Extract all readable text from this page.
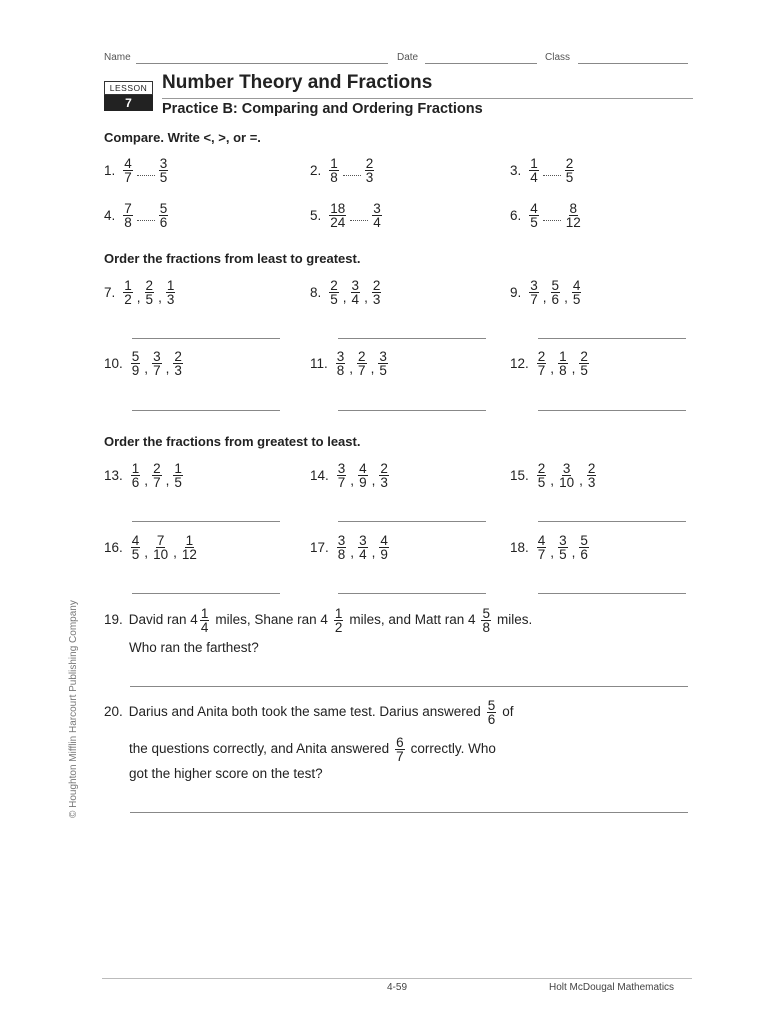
Name	Date	Class
LESSON
7
Number Theory and Fractions
Practice B: Comparing and Ordering Fractions
Compare. Write <, >, or =.
1. $\frac{4}{7} \frac{3}{5}$	2. $\frac{1}{8} \frac{2}{3}$	3. $\frac{1}{4} \frac{2}{5}$
4. $\frac{7}{8} \frac{5}{6}$	5. $\frac{18}{24} \frac{3}{4}$	6. $\frac{4}{5} \frac{8}{12}$
Order the fractions from least to greatest.
Order the fractions from greatest to least.
7. $\frac{1}{2}$ , $\frac{2}{5}$ , $\frac{1}{3}$	8. $\frac{2}{5}$ , $\frac{3}{4}$ , $\frac{2}{3}$	9. $\frac{3}{7}$ , $\frac{5}{6}$ , $\frac{4}{5}$
10. $\frac{5}{9}$ , $\frac{3}{7}$ , $\frac{2}{3}$	11. $\frac{3}{8}$ , $\frac{2}{7}$ , $\frac{3}{5}$	12. $\frac{2}{7}$ , $\frac{1}{8}$ , $\frac{2}{5}$
13. $\frac{1}{6}$ , $\frac{2}{7}$ , $\frac{1}{5}$	14. $\frac{3}{7}$ , $\frac{4}{9}$ , $\frac{2}{3}$	15. $\frac{2}{5}$ , $\frac{3}{10}$ , $\frac{2}{3}$
16. $\frac{4}{5}$ , $\frac{7}{10}$ , $\frac{1}{12}$	17. $\frac{3}{8}$ , $\frac{3}{4}$ , $\frac{4}{9}$	18. $\frac{4}{7}$ , $\frac{3}{5}$ , $\frac{5}{6}$
19. David ran $4 \frac{1}{4}$ miles, Shane ran $4 \frac{1}{2}$ miles, and Matt ran $4 \frac{5}{8}$ miles.
Who ran the farthest?
20. Darius and Anita both took the same test. Darius answered $\frac{5}{6}$ of
the questions correctly, and Anita answered $\frac{6}{7}$ correctly. Who
got the higher score on the test?
© Houghton Mifflin Harcourt Publishing Company
4-59	Holt McDougal Mathematics
